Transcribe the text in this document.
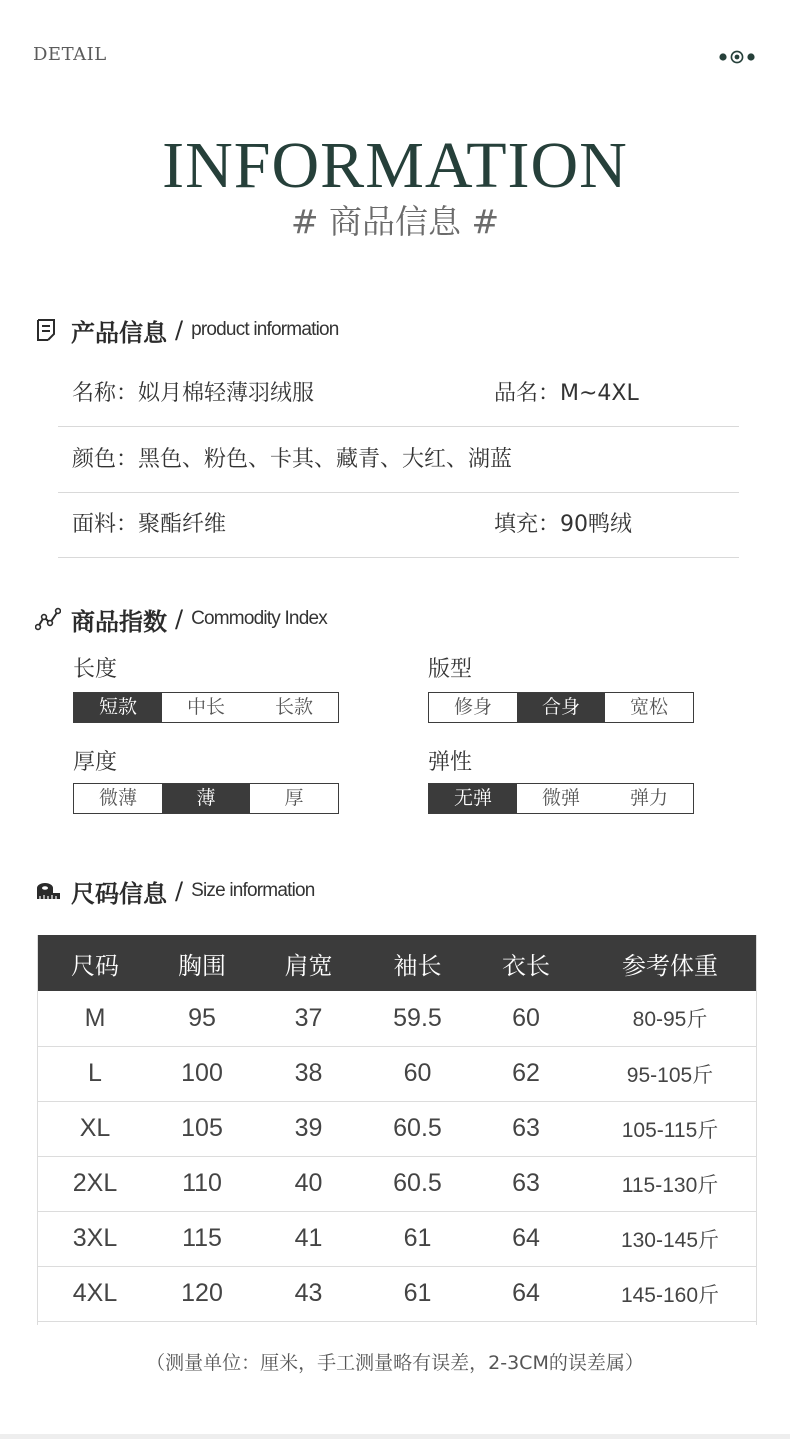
DETAIL
INFORMATION
# 商品信息 #
产品信息 / product information
名称：姒月棉轻薄羽绒服	品名：M~4XL
颜色：黑色、粉色、卡其、藏青、大红、湖蓝
面料：聚酯纤维	填充：90鸭绒
商品指数 / Commodity Index
长度
短款	中长	长款
版型
修身	合身	宽松
厚度
微薄	薄	厚
弹性
无弹	微弹	弹力
尺码信息 / Size information
尺码	胸围	肩宽	袖长	衣长	参考体重
M	95	37	59.5	60	80-95斤
L	100	38	60	62	95-105斤
XL	105	39	60.5	63	105-115斤
2XL	110	40	60.5	63	115-130斤
3XL	115	41	61	64	130-145斤
4XL	120	43	61	64	145-160斤
（测量单位：厘米，手工测量略有误差，2-3CM的误差属）
